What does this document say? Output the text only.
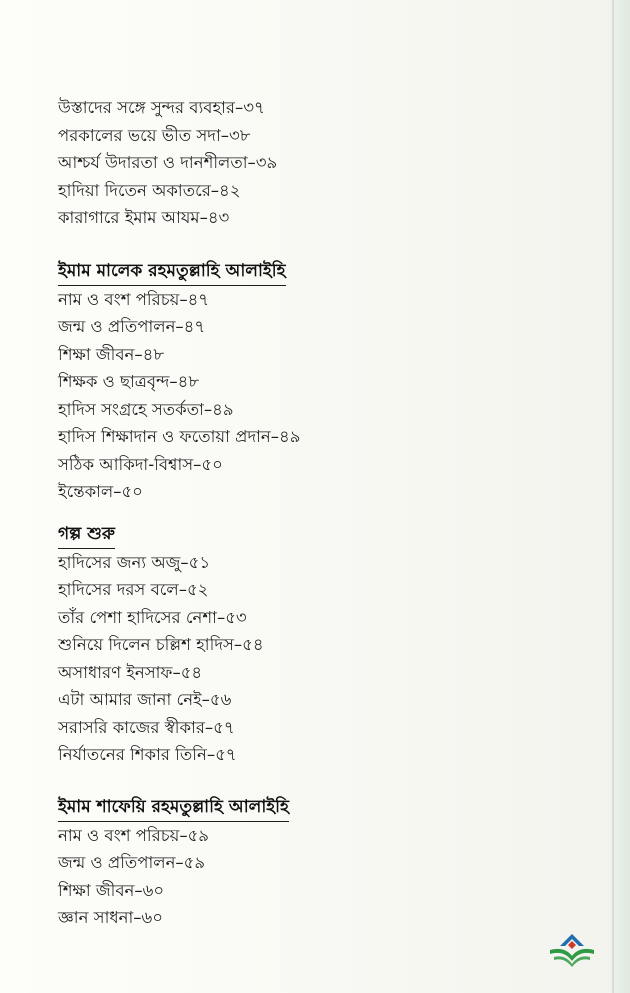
উস্তাদের সঙ্গে সুন্দর ব্যবহার–৩৭
পরকালের ভয়ে ভীত সদা–৩৮
আশ্চর্য উদারতা ও দানশীলতা–৩৯
হাদিয়া দিতেন অকাতরে–৪২
কারাগারে ইমাম আযম–৪৩
ইমাম মালেক রহমতুল্লাহি আলাইহি
নাম ও বংশ পরিচয়–৪৭
জন্ম ও প্রতিপালন–৪৭
শিক্ষা জীবন–৪৮
শিক্ষক ও ছাত্রবৃন্দ–৪৮
হাদিস সংগ্রহে সতর্কতা–৪৯
হাদিস শিক্ষাদান ও ফতোয়া প্রদান–৪৯
সঠিক আকিদা-বিশ্বাস–৫০
ইন্তেকাল–৫০
গল্প শুরু
হাদিসের জন্য অজু–৫১
হাদিসের দরস বলে–৫২
তাঁর পেশা হাদিসের নেশা–৫৩
শুনিয়ে দিলেন চল্লিশ হাদিস–৫৪
অসাধারণ ইনসাফ–৫৪
এটা আমার জানা নেই–৫৬
সরাসরি কাজের স্বীকার–৫৭
নির্যাতনের শিকার তিনি–৫৭
ইমাম শাফেয়ি রহমতুল্লাহি আলাইহি
নাম ও বংশ পরিচয়–৫৯
জন্ম ও প্রতিপালন–৫৯
শিক্ষা জীবন–৬০
জ্ঞান সাধনা–৬০
